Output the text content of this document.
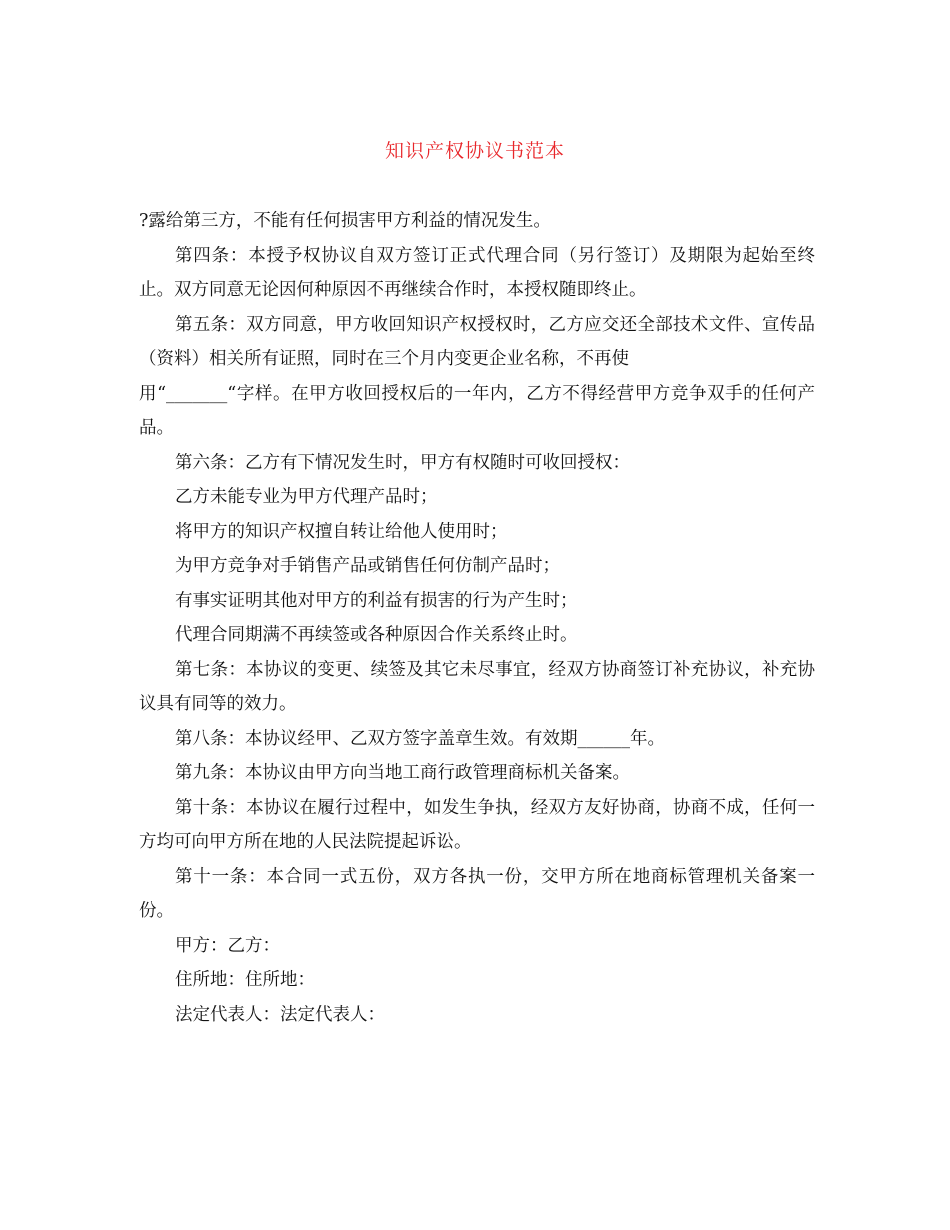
知识产权协议书范本

?露给第三方，不能有任何损害甲方利益的情况发生。

第四条：本授予权协议自双方签订正式代理合同（另行签订）及期限为起始至终止。双方同意无论因何种原因不再继续合作时，本授权随即终止。

第五条：双方同意，甲方收回知识产权授权时，乙方应交还全部技术文件、宣传品（资料）相关所有证照，同时在三个月内变更企业名称，不再使

用“_______“字样。在甲方收回授权后的一年内，乙方不得经营甲方竞争双手的任何产品。

第六条：乙方有下情况发生时，甲方有权随时可收回授权：

乙方未能专业为甲方代理产品时；

将甲方的知识产权擅自转让给他人使用时；

为甲方竞争对手销售产品或销售任何仿制产品时；

有事实证明其他对甲方的利益有损害的行为产生时；

代理合同期满不再续签或各种原因合作关系终止时。

第七条：本协议的变更、续签及其它未尽事宜，经双方协商签订补充协议，补充协议具有同等的效力。

第八条：本协议经甲、乙双方签字盖章生效。有效期______年。

第九条：本协议由甲方向当地工商行政管理商标机关备案。

第十条：本协议在履行过程中，如发生争执，经双方友好协商，协商不成，任何一方均可向甲方所在地的人民法院提起诉讼。

第十一条：本合同一式五份，双方各执一份，交甲方所在地商标管理机关备案一份。

甲方：乙方：

住所地：住所地：

法定代表人：法定代表人：
